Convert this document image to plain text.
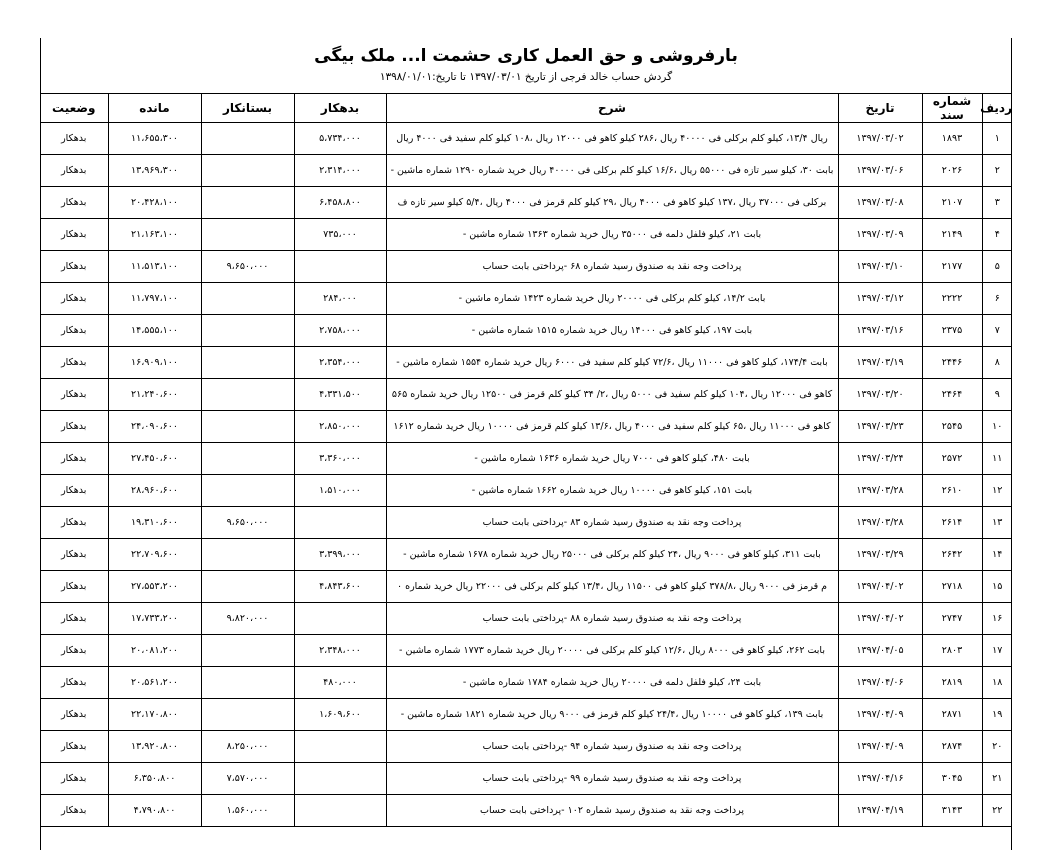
بارفروشی و حق العمل کاری حشمت ا... ملک بیگی
گردش حساب خالد فرجی از تاریخ ۱۳۹۷/۰۳/۰۱ تا تاریخ:۱۳۹۸/۰۱/۰۱
ردیف	شماره سند	تاریخ	شرح	بدهکار	بستانکار	مانده	وضعیت
۱	۱۸۹۳	۱۳۹۷/۰۳/۰۲	ریال ۱۳/۴، کیلو کلم برکلی فی ۴۰۰۰۰ ریال ،۲۸۶ کیلو کاهو فی ۱۲۰۰۰ ریال ،۱۰۸ کیلو کلم سفید فی ۴۰۰۰ ریال	۵،۷۳۴،۰۰۰		۱۱،۶۵۵،۳۰۰	بدهکار
۲	۲۰۲۶	۱۳۹۷/۰۳/۰۶	بابت ۳۰، کیلو سیر تازه فی ۵۵۰۰۰ ریال ،۱۶/۶ کیلو کلم برکلی فی ۴۰۰۰۰ ریال خرید شماره ۱۲۹۰ شماره ماشین -	۲،۳۱۴،۰۰۰		۱۳،۹۶۹،۳۰۰	بدهکار
۳	۲۱۰۷	۱۳۹۷/۰۳/۰۸	برکلی فی ۳۷۰۰۰ ریال ،۱۳۷ کیلو کاهو فی ۴۰۰۰ ریال ،۲۹ کیلو کلم قرمز فی ۴۰۰۰ ریال ،۵/۴ کیلو سیر تازه ف	۶،۴۵۸،۸۰۰		۲۰،۴۲۸،۱۰۰	بدهکار
۴	۲۱۴۹	۱۳۹۷/۰۳/۰۹	بابت ۲۱، کیلو فلفل دلمه فی ۳۵۰۰۰ ریال خرید شماره ۱۳۶۳ شماره ماشین -	۷۳۵،۰۰۰		۲۱،۱۶۳،۱۰۰	بدهکار
۵	۲۱۷۷	۱۳۹۷/۰۳/۱۰	پرداخت وجه نقد به صندوق رسید شماره ۶۸ -پرداختی بابت حساب		۹،۶۵۰،۰۰۰	۱۱،۵۱۳،۱۰۰	بدهکار
۶	۲۲۲۲	۱۳۹۷/۰۳/۱۲	بابت ۱۴/۲، کیلو کلم برکلی فی ۲۰۰۰۰ ریال خرید شماره ۱۴۲۳ شماره ماشین -	۲۸۴،۰۰۰		۱۱،۷۹۷،۱۰۰	بدهکار
۷	۲۳۷۵	۱۳۹۷/۰۳/۱۶	بابت ۱۹۷، کیلو کاهو فی ۱۴۰۰۰ ریال خرید شماره ۱۵۱۵ شماره ماشین -	۲،۷۵۸،۰۰۰		۱۴،۵۵۵،۱۰۰	بدهکار
۸	۲۴۴۶	۱۳۹۷/۰۳/۱۹	بابت ۱۷۴/۴، کیلو کاهو فی ۱۱۰۰۰ ریال ،۷۲/۶ کیلو کلم سفید فی ۶۰۰۰ ریال خرید شماره ۱۵۵۴ شماره ماشین -	۲،۳۵۴،۰۰۰		۱۶،۹۰۹،۱۰۰	بدهکار
۹	۲۴۶۴	۱۳۹۷/۰۳/۲۰	کاهو فی ۱۲۰۰۰ ریال ،۱۰۴ کیلو کلم سفید فی ۵۰۰۰ ریال ،۲/ ۳۴ کیلو کلم قرمز فی ۱۲۵۰۰ ریال خرید شماره ۵۶۵	۴،۳۳۱،۵۰۰		۲۱،۲۴۰،۶۰۰	بدهکار
۱۰	۲۵۴۵	۱۳۹۷/۰۳/۲۳	کاهو فی ۱۱۰۰۰ ریال ،۶۵ کیلو کلم سفید فی ۴۰۰۰ ریال ،۱۳/۶ کیلو کلم قرمز فی ۱۰۰۰۰ ریال خرید شماره ۱۶۱۲	۲،۸۵۰،۰۰۰		۲۴،۰۹۰،۶۰۰	بدهکار
۱۱	۲۵۷۲	۱۳۹۷/۰۳/۲۴	بابت ۴۸۰، کیلو کاهو فی ۷۰۰۰ ریال خرید شماره ۱۶۳۶ شماره ماشین -	۳،۳۶۰،۰۰۰		۲۷،۴۵۰،۶۰۰	بدهکار
۱۲	۲۶۱۰	۱۳۹۷/۰۳/۲۸	بابت ۱۵۱، کیلو کاهو فی ۱۰۰۰۰ ریال خرید شماره ۱۶۶۲ شماره ماشین -	۱،۵۱۰،۰۰۰		۲۸،۹۶۰،۶۰۰	بدهکار
۱۳	۲۶۱۴	۱۳۹۷/۰۳/۲۸	پرداخت وجه نقد به صندوق رسید شماره ۸۳ -پرداختی بابت حساب		۹،۶۵۰،۰۰۰	۱۹،۳۱۰،۶۰۰	بدهکار
۱۴	۲۶۴۲	۱۳۹۷/۰۳/۲۹	بابت ۳۱۱، کیلو کاهو فی ۹۰۰۰ ریال ،۲۴ کیلو کلم برکلی فی ۲۵۰۰۰ ریال خرید شماره ۱۶۷۸ شماره ماشین -	۳،۳۹۹،۰۰۰		۲۲،۷۰۹،۶۰۰	بدهکار
۱۵	۲۷۱۸	۱۳۹۷/۰۴/۰۲	م قرمز فی ۹۰۰۰ ریال ،۳۷۸/۸ کیلو کاهو فی ۱۱۵۰۰ ریال ،۱۳/۴ کیلو کلم برکلی فی ۲۲۰۰۰ ریال خرید شماره ۰	۴،۸۴۳،۶۰۰		۲۷،۵۵۳،۲۰۰	بدهکار
۱۶	۲۷۴۷	۱۳۹۷/۰۴/۰۲	پرداخت وجه نقد به صندوق رسید شماره ۸۸ -پرداختی بابت حساب		۹،۸۲۰،۰۰۰	۱۷،۷۳۳،۲۰۰	بدهکار
۱۷	۲۸۰۳	۱۳۹۷/۰۴/۰۵	بابت ۲۶۲، کیلو کاهو فی ۸۰۰۰ ریال ،۱۲/۶ کیلو کلم برکلی فی ۲۰۰۰۰ ریال خرید شماره ۱۷۷۳ شماره ماشین -	۲،۳۴۸،۰۰۰		۲۰،۰۸۱،۲۰۰	بدهکار
۱۸	۲۸۱۹	۱۳۹۷/۰۴/۰۶	بابت ۲۴، کیلو فلفل دلمه فی ۲۰۰۰۰ ریال خرید شماره ۱۷۸۴ شماره ماشین -	۴۸۰،۰۰۰		۲۰،۵۶۱،۲۰۰	بدهکار
۱۹	۲۸۷۱	۱۳۹۷/۰۴/۰۹	بابت ۱۳۹، کیلو کاهو فی ۱۰۰۰۰ ریال ،۲۴/۴ کیلو کلم قرمز فی ۹۰۰۰ ریال خرید شماره ۱۸۲۱ شماره ماشین -	۱،۶۰۹،۶۰۰		۲۲،۱۷۰،۸۰۰	بدهکار
۲۰	۲۸۷۴	۱۳۹۷/۰۴/۰۹	پرداخت وجه نقد به صندوق رسید شماره ۹۴ -پرداختی بابت حساب		۸،۲۵۰،۰۰۰	۱۳،۹۲۰،۸۰۰	بدهکار
۲۱	۳۰۴۵	۱۳۹۷/۰۴/۱۶	پرداخت وجه نقد به صندوق رسید شماره ۹۹ -پرداختی بابت حساب		۷،۵۷۰،۰۰۰	۶،۳۵۰،۸۰۰	بدهکار
۲۲	۳۱۴۳	۱۳۹۷/۰۴/۱۹	پرداخت وجه نقد به صندوق رسید شماره ۱۰۲ -پرداختی بابت حساب		۱،۵۶۰،۰۰۰	۴،۷۹۰،۸۰۰	بدهکار
